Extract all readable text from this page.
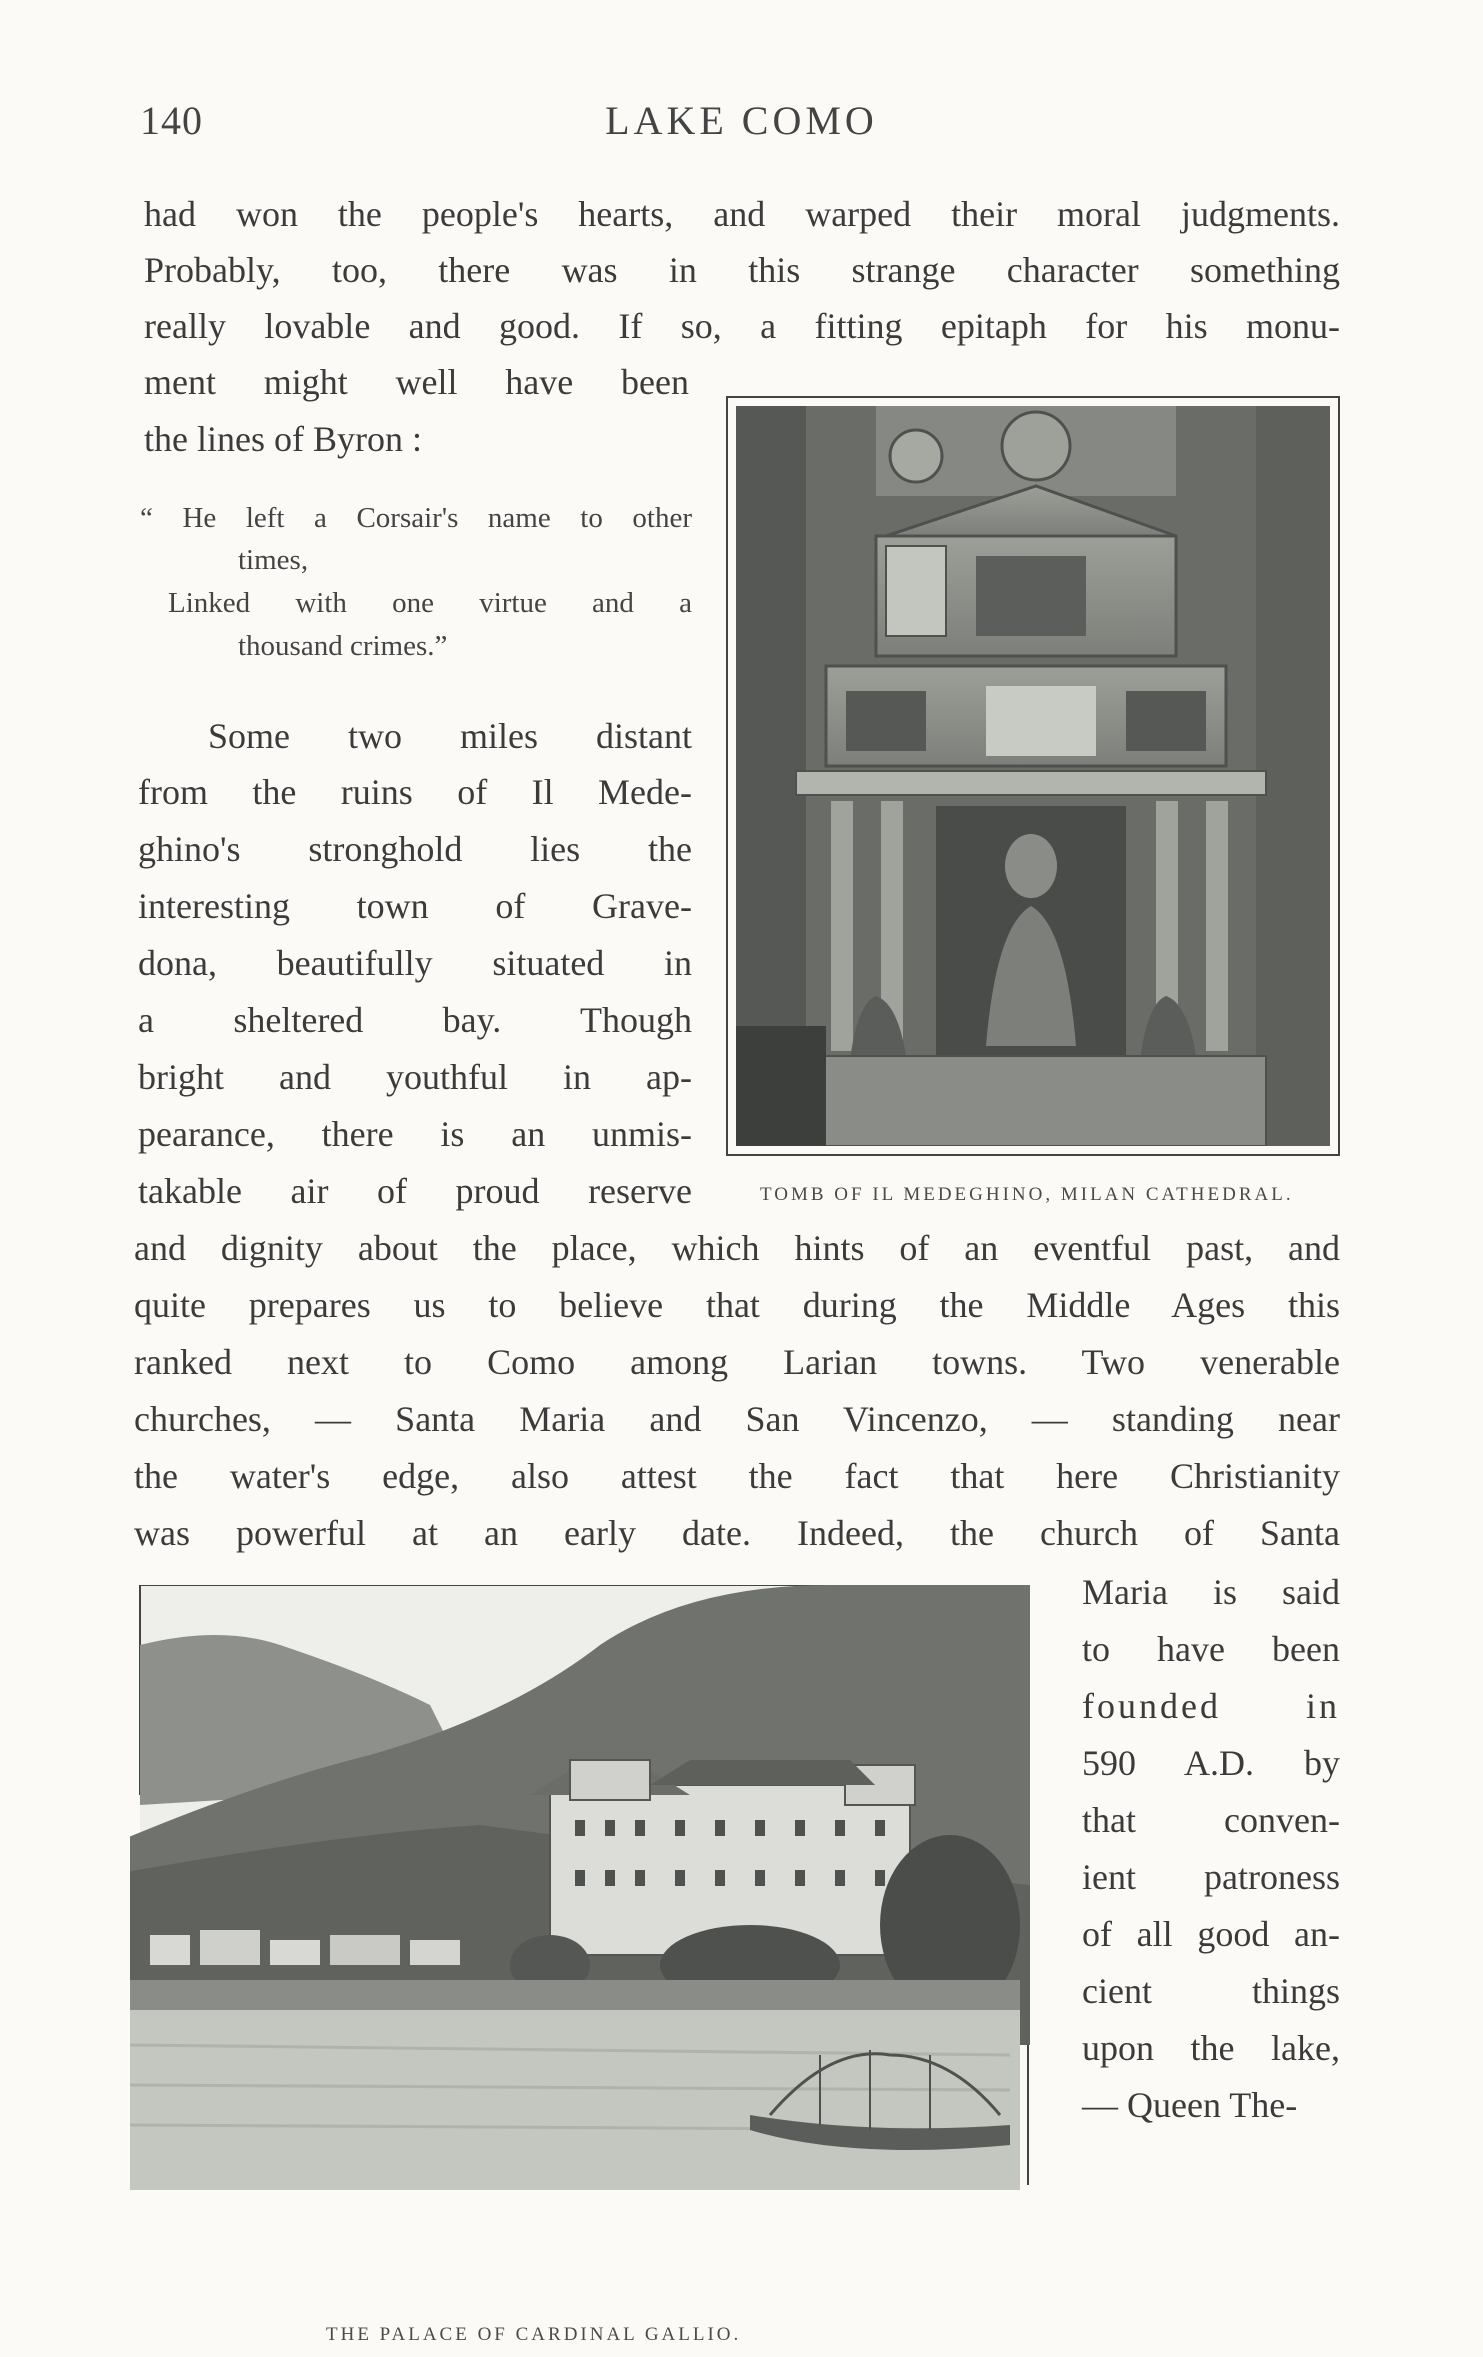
140	LAKE COMO
had won the people's hearts, and warped their moral judgments.
Probably, too, there was in this strange character something
really lovable and good. If so, a fitting epitaph for his monu-
ment might well have been
the lines of Byron :
“ He left a Corsair's name to other
times,
Linked with one virtue and a
thousand crimes.”
Some two miles distant
from the ruins of Il Mede-
ghino's stronghold lies the
interesting town of Grave-
dona, beautifully situated in
a sheltered bay. Though
bright and youthful in ap-
pearance, there is an unmis-
takable air of proud reserve	TOMB OF IL MEDEGHINO, MILAN CATHEDRAL.
and dignity about the place, which hints of an eventful past, and
quite prepares us to believe that during the Middle Ages this
ranked next to Como among Larian towns. Two venerable
churches, — Santa Maria and San Vincenzo, — standing near
the water's edge, also attest the fact that here Christianity
was powerful at an early date. Indeed, the church of Santa
Maria is said
to have been
founded in
590 A.D. by
that conven-
ient patroness
of all good an-
cient things
upon the lake,
— Queen The-
THE PALACE OF CARDINAL GALLIO.
